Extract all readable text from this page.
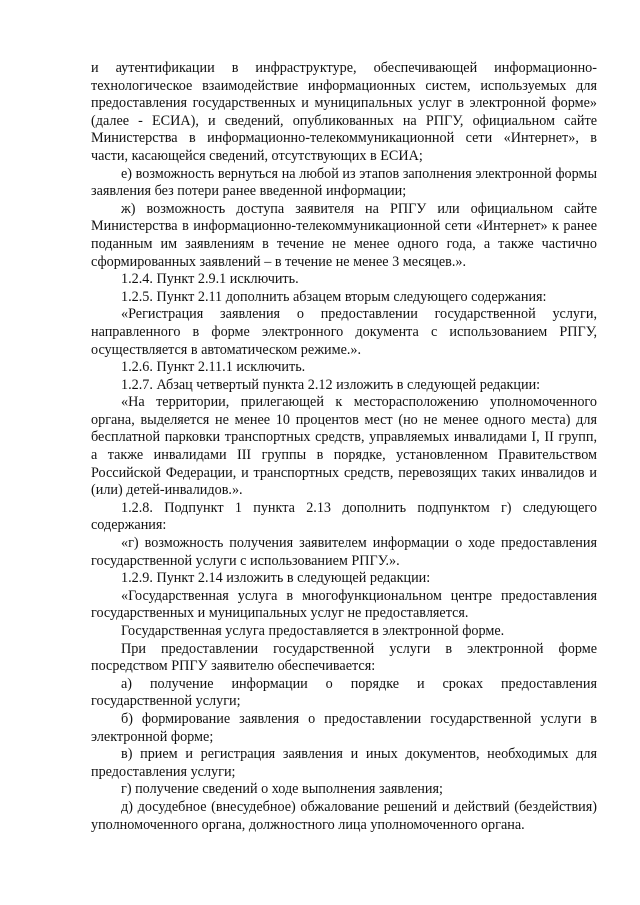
и аутентификации в инфраструктуре, обеспечивающей информационно-технологическое взаимодействие информационных систем, используемых для предоставления государственных и муниципальных услуг в электронной форме» (далее - ЕСИА), и сведений, опубликованных на РПГУ, официальном сайте Министерства в информационно-телекоммуникационной сети «Интернет», в части, касающейся сведений, отсутствующих в ЕСИА;

е) возможность вернуться на любой из этапов заполнения электронной формы заявления без потери ранее введенной информации;

ж) возможность доступа заявителя на РПГУ или официальном сайте Министерства в информационно-телекоммуникационной сети «Интернет» к ранее поданным им заявлениям в течение не менее одного года, а также частично сформированных заявлений – в течение не менее 3 месяцев.».

1.2.4. Пункт 2.9.1 исключить.

1.2.5. Пункт 2.11 дополнить абзацем вторым следующего содержания:

«Регистрация заявления о предоставлении государственной услуги, направленного в форме электронного документа с использованием РПГУ, осуществляется в автоматическом режиме.».

1.2.6. Пункт 2.11.1 исключить.

1.2.7. Абзац четвертый пункта 2.12 изложить в следующей редакции:

«На территории, прилегающей к месторасположению уполномоченного органа, выделяется не менее 10 процентов мест (но не менее одного места) для бесплатной парковки транспортных средств, управляемых инвалидами I, II групп, а также инвалидами III группы в порядке, установленном Правительством Российской Федерации, и транспортных средств, перевозящих таких инвалидов и (или) детей-инвалидов.».

1.2.8. Подпункт 1 пункта 2.13 дополнить подпунктом г) следующего содержания:

«г) возможность получения заявителем информации о ходе предоставления государственной услуги с использованием РПГУ.».

1.2.9. Пункт 2.14 изложить в следующей редакции:

«Государственная услуга в многофункциональном центре предоставления государственных и муниципальных услуг не предоставляется.

Государственная услуга предоставляется в электронной форме.

При предоставлении государственной услуги в электронной форме посредством РПГУ заявителю обеспечивается:

а) получение информации о порядке и сроках предоставления государственной услуги;

б) формирование заявления о предоставлении государственной услуги в электронной форме;

в) прием и регистрация заявления и иных документов, необходимых для предоставления услуги;

г) получение сведений о ходе выполнения заявления;

д) досудебное (внесудебное) обжалование решений и действий (бездействия) уполномоченного органа, должностного лица уполномоченного органа.
